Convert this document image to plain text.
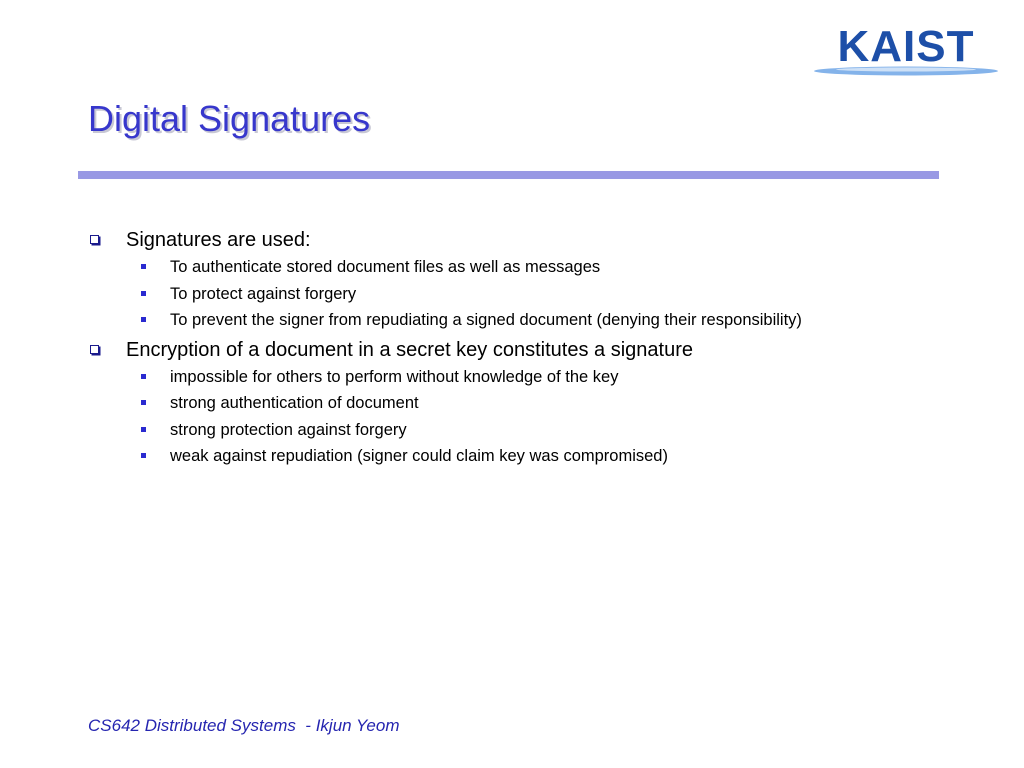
KAIST
Digital Signatures
Signatures are used:
To authenticate stored document files as well as messages
To protect against forgery
To prevent the signer from repudiating a signed document (denying their responsibility)
Encryption of a document in a secret key constitutes a signature
impossible for others to perform without knowledge of the key
strong authentication of document
strong protection against forgery
weak against repudiation (signer could claim key was compromised)
CS642 Distributed Systems  - Ikjun Yeom
